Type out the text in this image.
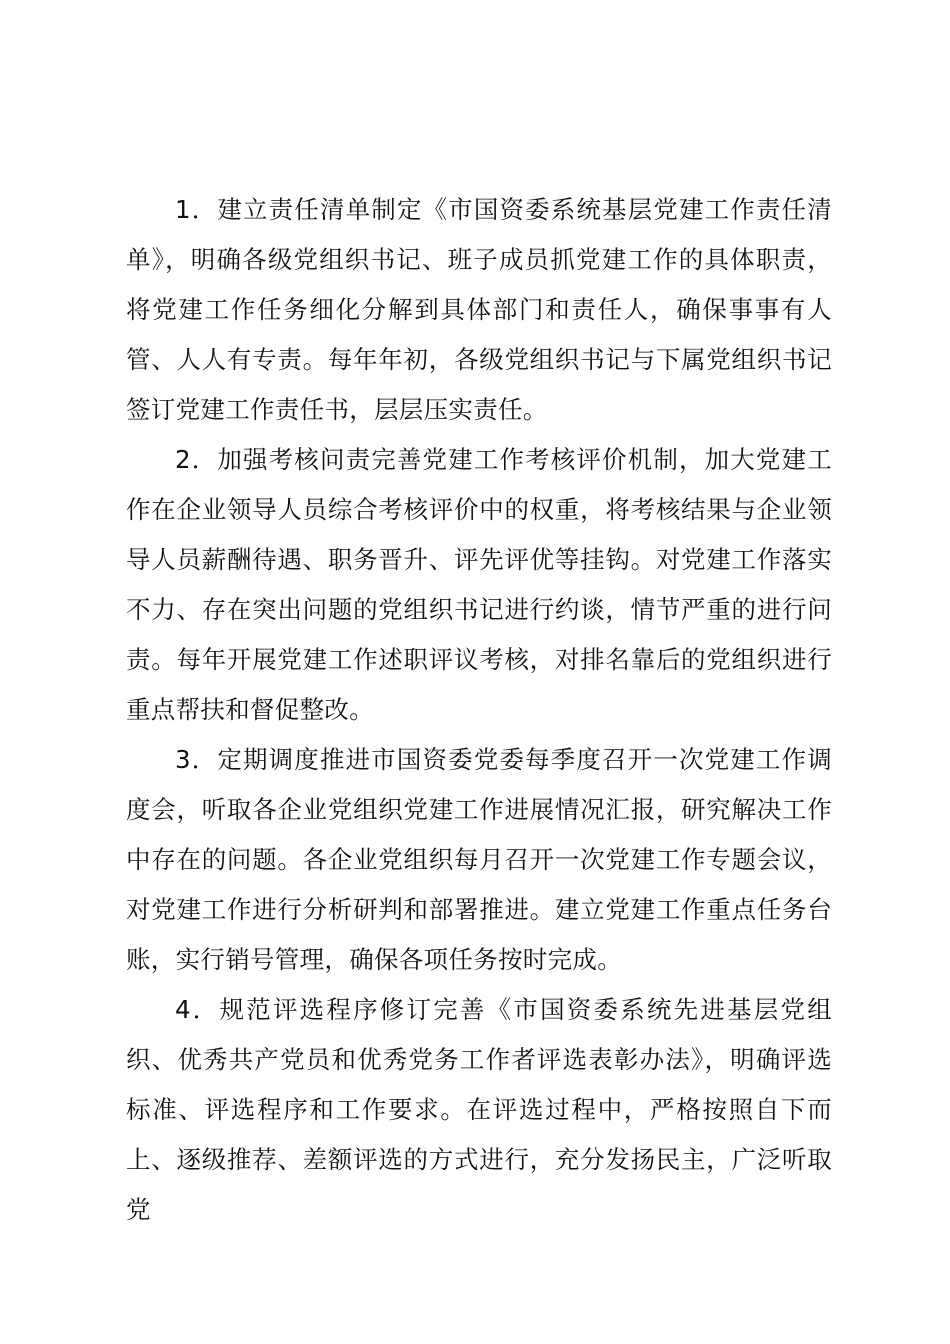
1．建立责任清单制定《市国资委系统基层党建工作责任清单》，明确各级党组织书记、班子成员抓党建工作的具体职责，将党建工作任务细化分解到具体部门和责任人，确保事事有人管、人人有专责。每年年初，各级党组织书记与下属党组织书记签订党建工作责任书，层层压实责任。

2．加强考核问责完善党建工作考核评价机制，加大党建工作在企业领导人员综合考核评价中的权重，将考核结果与企业领导人员薪酬待遇、职务晋升、评先评优等挂钩。对党建工作落实不力、存在突出问题的党组织书记进行约谈，情节严重的进行问责。每年开展党建工作述职评议考核，对排名靠后的党组织进行重点帮扶和督促整改。

3．定期调度推进市国资委党委每季度召开一次党建工作调度会，听取各企业党组织党建工作进展情况汇报，研究解决工作中存在的问题。各企业党组织每月召开一次党建工作专题会议，对党建工作进行分析研判和部署推进。建立党建工作重点任务台账，实行销号管理，确保各项任务按时完成。

4．规范评选程序修订完善《市国资委系统先进基层党组织、优秀共产党员和优秀党务工作者评选表彰办法》，明确评选标准、评选程序和工作要求。在评选过程中，严格按照自下而上、逐级推荐、差额评选的方式进行，充分发扬民主，广泛听取党
